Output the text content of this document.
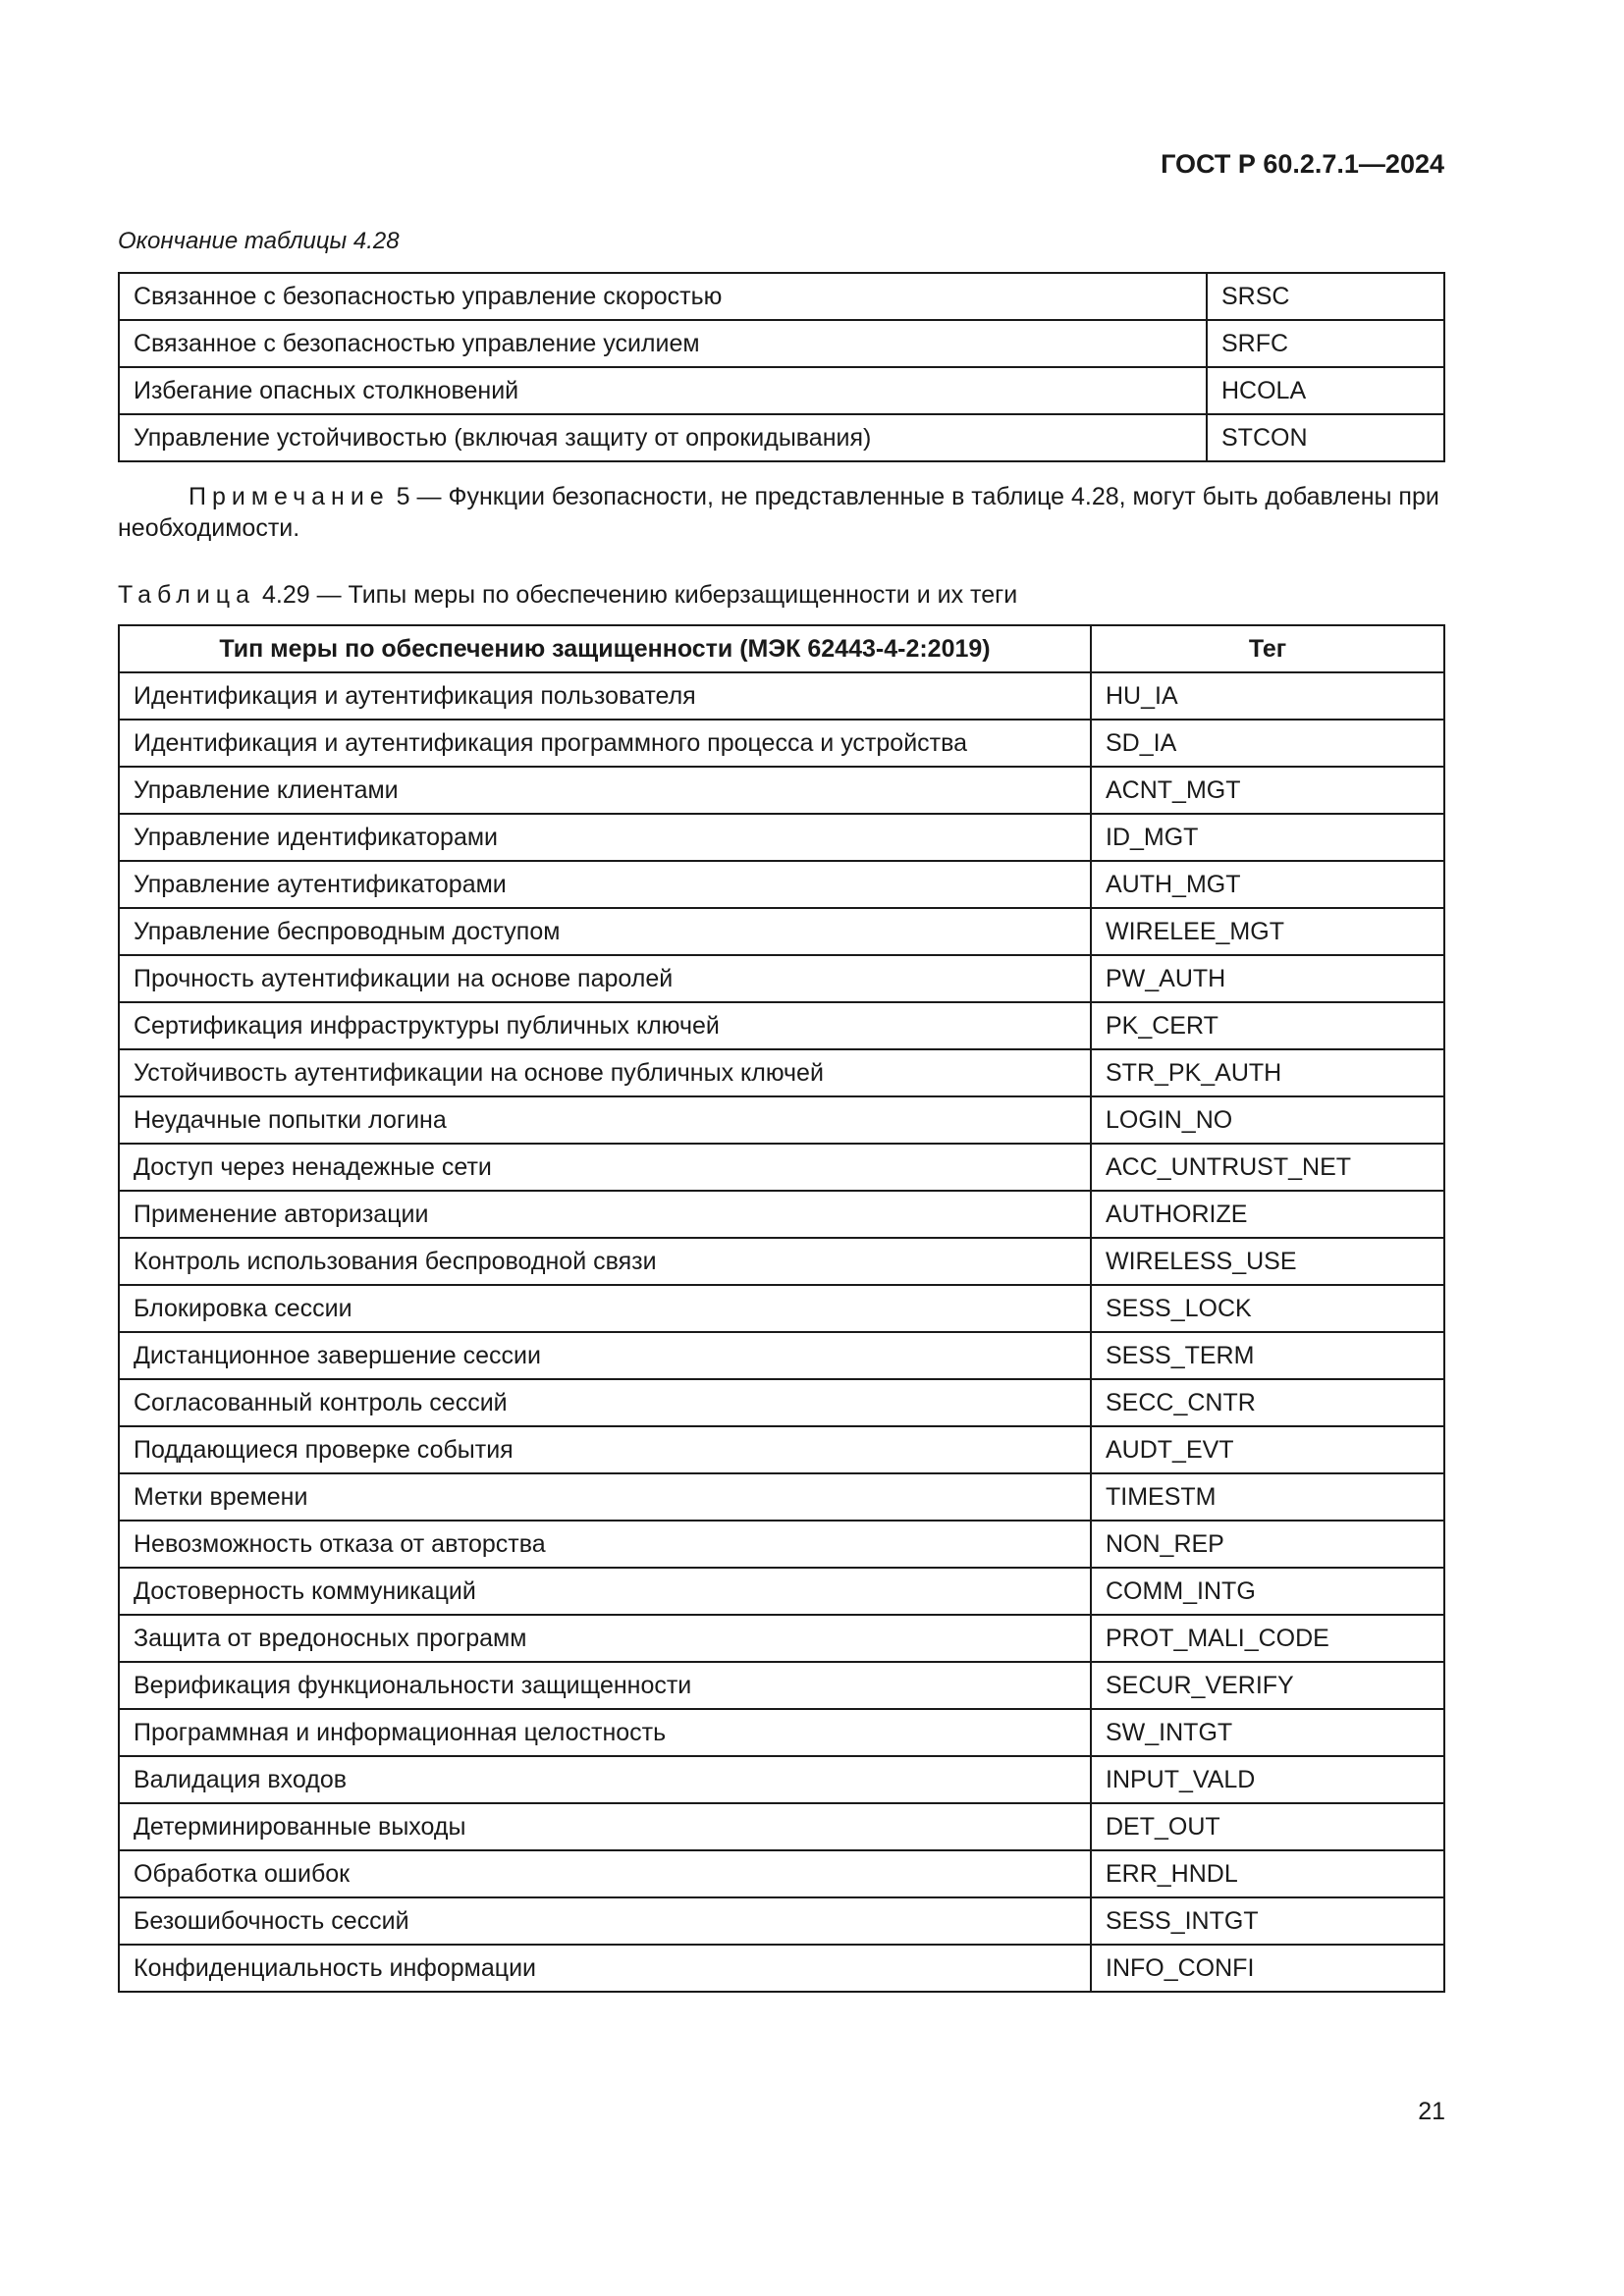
ГОСТ Р 60.2.7.1—2024
Окончание таблицы 4.28
Связанное с безопасностью управление скоростью	SRSC
Связанное с безопасностью управление усилием	SRFC
Избегание опасных столкновений	HCOLA
Управление устойчивостью (включая защиту от опрокидывания)	STCON
Примечание 5 — Функции безопасности, не представленные в таблице 4.28, могут быть добавлены при необходимости.
Таблица 4.29 — Типы меры по обеспечению киберзащищенности и их теги
Тип меры по обеспечению защищенности (МЭК 62443-4-2:2019)	Тег
Идентификация и аутентификация пользователя	HU_IA
Идентификация и аутентификация программного процесса и устройства	SD_IA
Управление клиентами	ACNT_MGT
Управление идентификаторами	ID_MGT
Управление аутентификаторами	AUTH_MGT
Управление беспроводным доступом	WIRELEE_MGT
Прочность аутентификации на основе паролей	PW_AUTH
Сертификация инфраструктуры публичных ключей	PK_CERT
Устойчивость аутентификации на основе публичных ключей	STR_PK_AUTH
Неудачные попытки логина	LOGIN_NO
Доступ через ненадежные сети	ACC_UNTRUST_NET
Применение авторизации	AUTHORIZE
Контроль использования беспроводной связи	WIRELESS_USE
Блокировка сессии	SESS_LOCK
Дистанционное завершение сессии	SESS_TERM
Согласованный контроль сессий	SECC_CNTR
Поддающиеся проверке события	AUDT_EVT
Метки времени	TIMESTM
Невозможность отказа от авторства	NON_REP
Достоверность коммуникаций	COMM_INTG
Защита от вредоносных программ	PROT_MALI_CODE
Верификация функциональности защищенности	SECUR_VERIFY
Программная и информационная целостность	SW_INTGT
Валидация входов	INPUT_VALD
Детерминированные выходы	DET_OUT
Обработка ошибок	ERR_HNDL
Безошибочность сессий	SESS_INTGT
Конфиденциальность информации	INFO_CONFI
21
